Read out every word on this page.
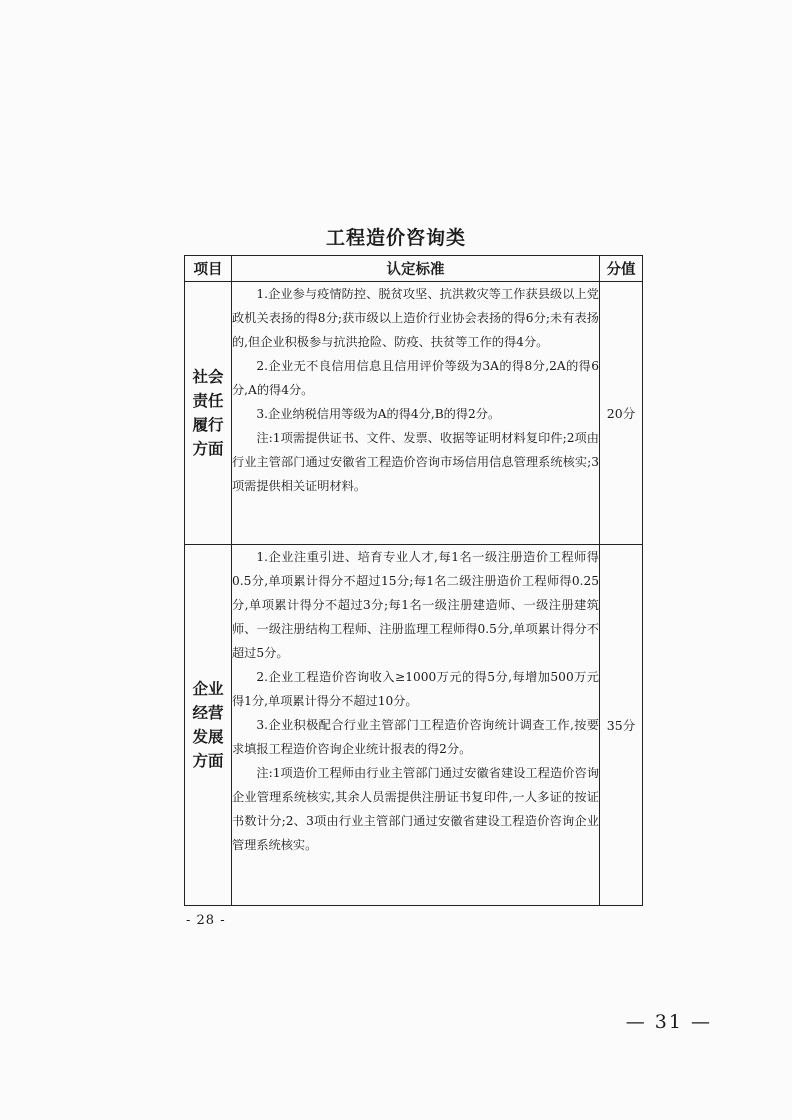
工程造价咨询类
项目	认定标准	分值
社会责任履行方面	1.企业参与疫情防控、脱贫攻坚、抗洪救灾等工作获县级以上党政机关表扬的得8分;获市级以上造价行业协会表扬的得6分;未有表扬的,但企业积极参与抗洪抢险、防疫、扶贫等工作的得4分。

2.企业无不良信用信息且信用评价等级为3A的得8分,2A的得6分,A的得4分。

3.企业纳税信用等级为A的得4分,B的得2分。

注:1项需提供证书、文件、发票、收据等证明材料复印件;2项由行业主管部门通过安徽省工程造价咨询市场信用信息管理系统核实;3项需提供相关证明材料。	20分
企业经营发展方面	1.企业注重引进、培育专业人才,每1名一级注册造价工程师得0.5分,单项累计得分不超过15分;每1名二级注册造价工程师得0.25分,单项累计得分不超过3分;每1名一级注册建造师、一级注册建筑师、一级注册结构工程师、注册监理工程师得0.5分,单项累计得分不超过5分。

2.企业工程造价咨询收入≥1000万元的得5分,每增加500万元得1分,单项累计得分不超过10分。

3.企业积极配合行业主管部门工程造价咨询统计调查工作,按要求填报工程造价咨询企业统计报表的得2分。

注:1项造价工程师由行业主管部门通过安徽省建设工程造价咨询企业管理系统核实,其余人员需提供注册证书复印件,一人多证的按证书数计分;2、3项由行业主管部门通过安徽省建设工程造价咨询企业管理系统核实。	35分
- 28 -
— 31 —
